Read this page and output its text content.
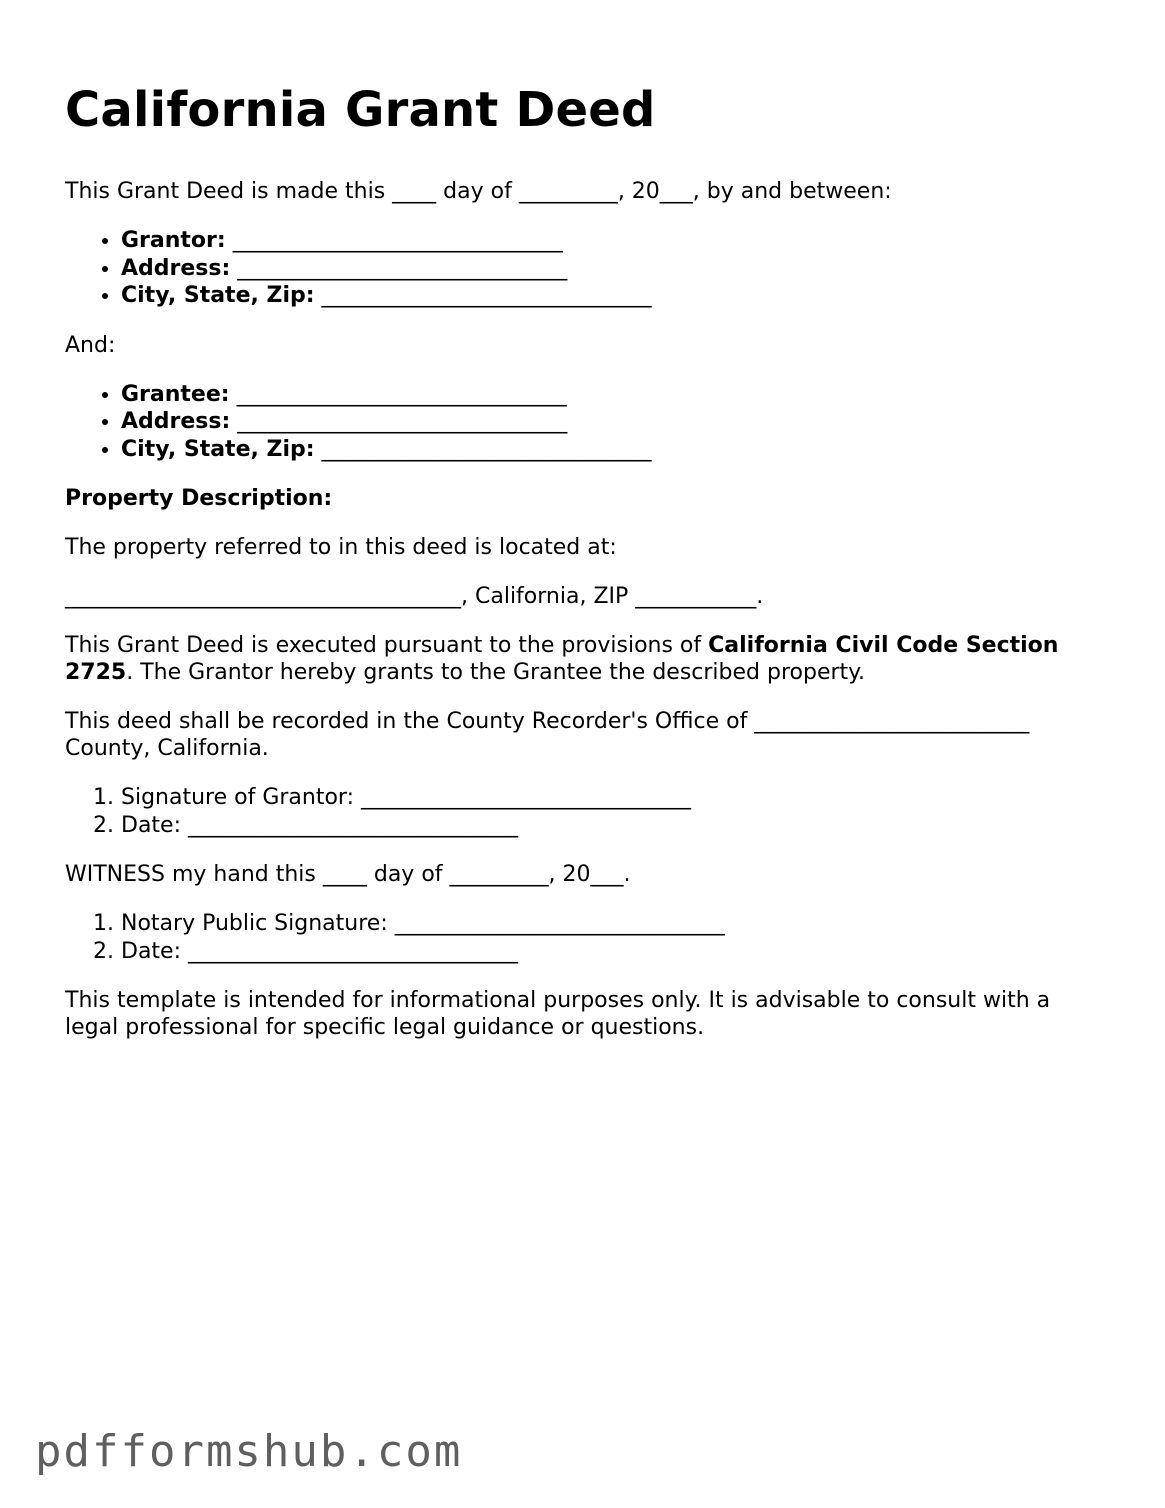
California Grant Deed

This Grant Deed is made this ____ day of _________, 20___, by and between:

• Grantor: ______________________________
• Address: ______________________________
• City, State, Zip: ______________________________

And:

• Grantee: ______________________________
• Address: ______________________________
• City, State, Zip: ______________________________

Property Description:

The property referred to in this deed is located at:

____________________________________, California, ZIP ___________.

This Grant Deed is executed pursuant to the provisions of California Civil Code Section 2725. The Grantor hereby grants to the Grantee the described property.

This deed shall be recorded in the County Recorder's Office of _________________________ County, California.

1. Signature of Grantor: ______________________________
2. Date: ______________________________

WITNESS my hand this ____ day of _________, 20___.

1. Notary Public Signature: ______________________________
2. Date: ______________________________

This template is intended for informational purposes only. It is advisable to consult with a legal professional for specific legal guidance or questions.

pdfformshub.com
